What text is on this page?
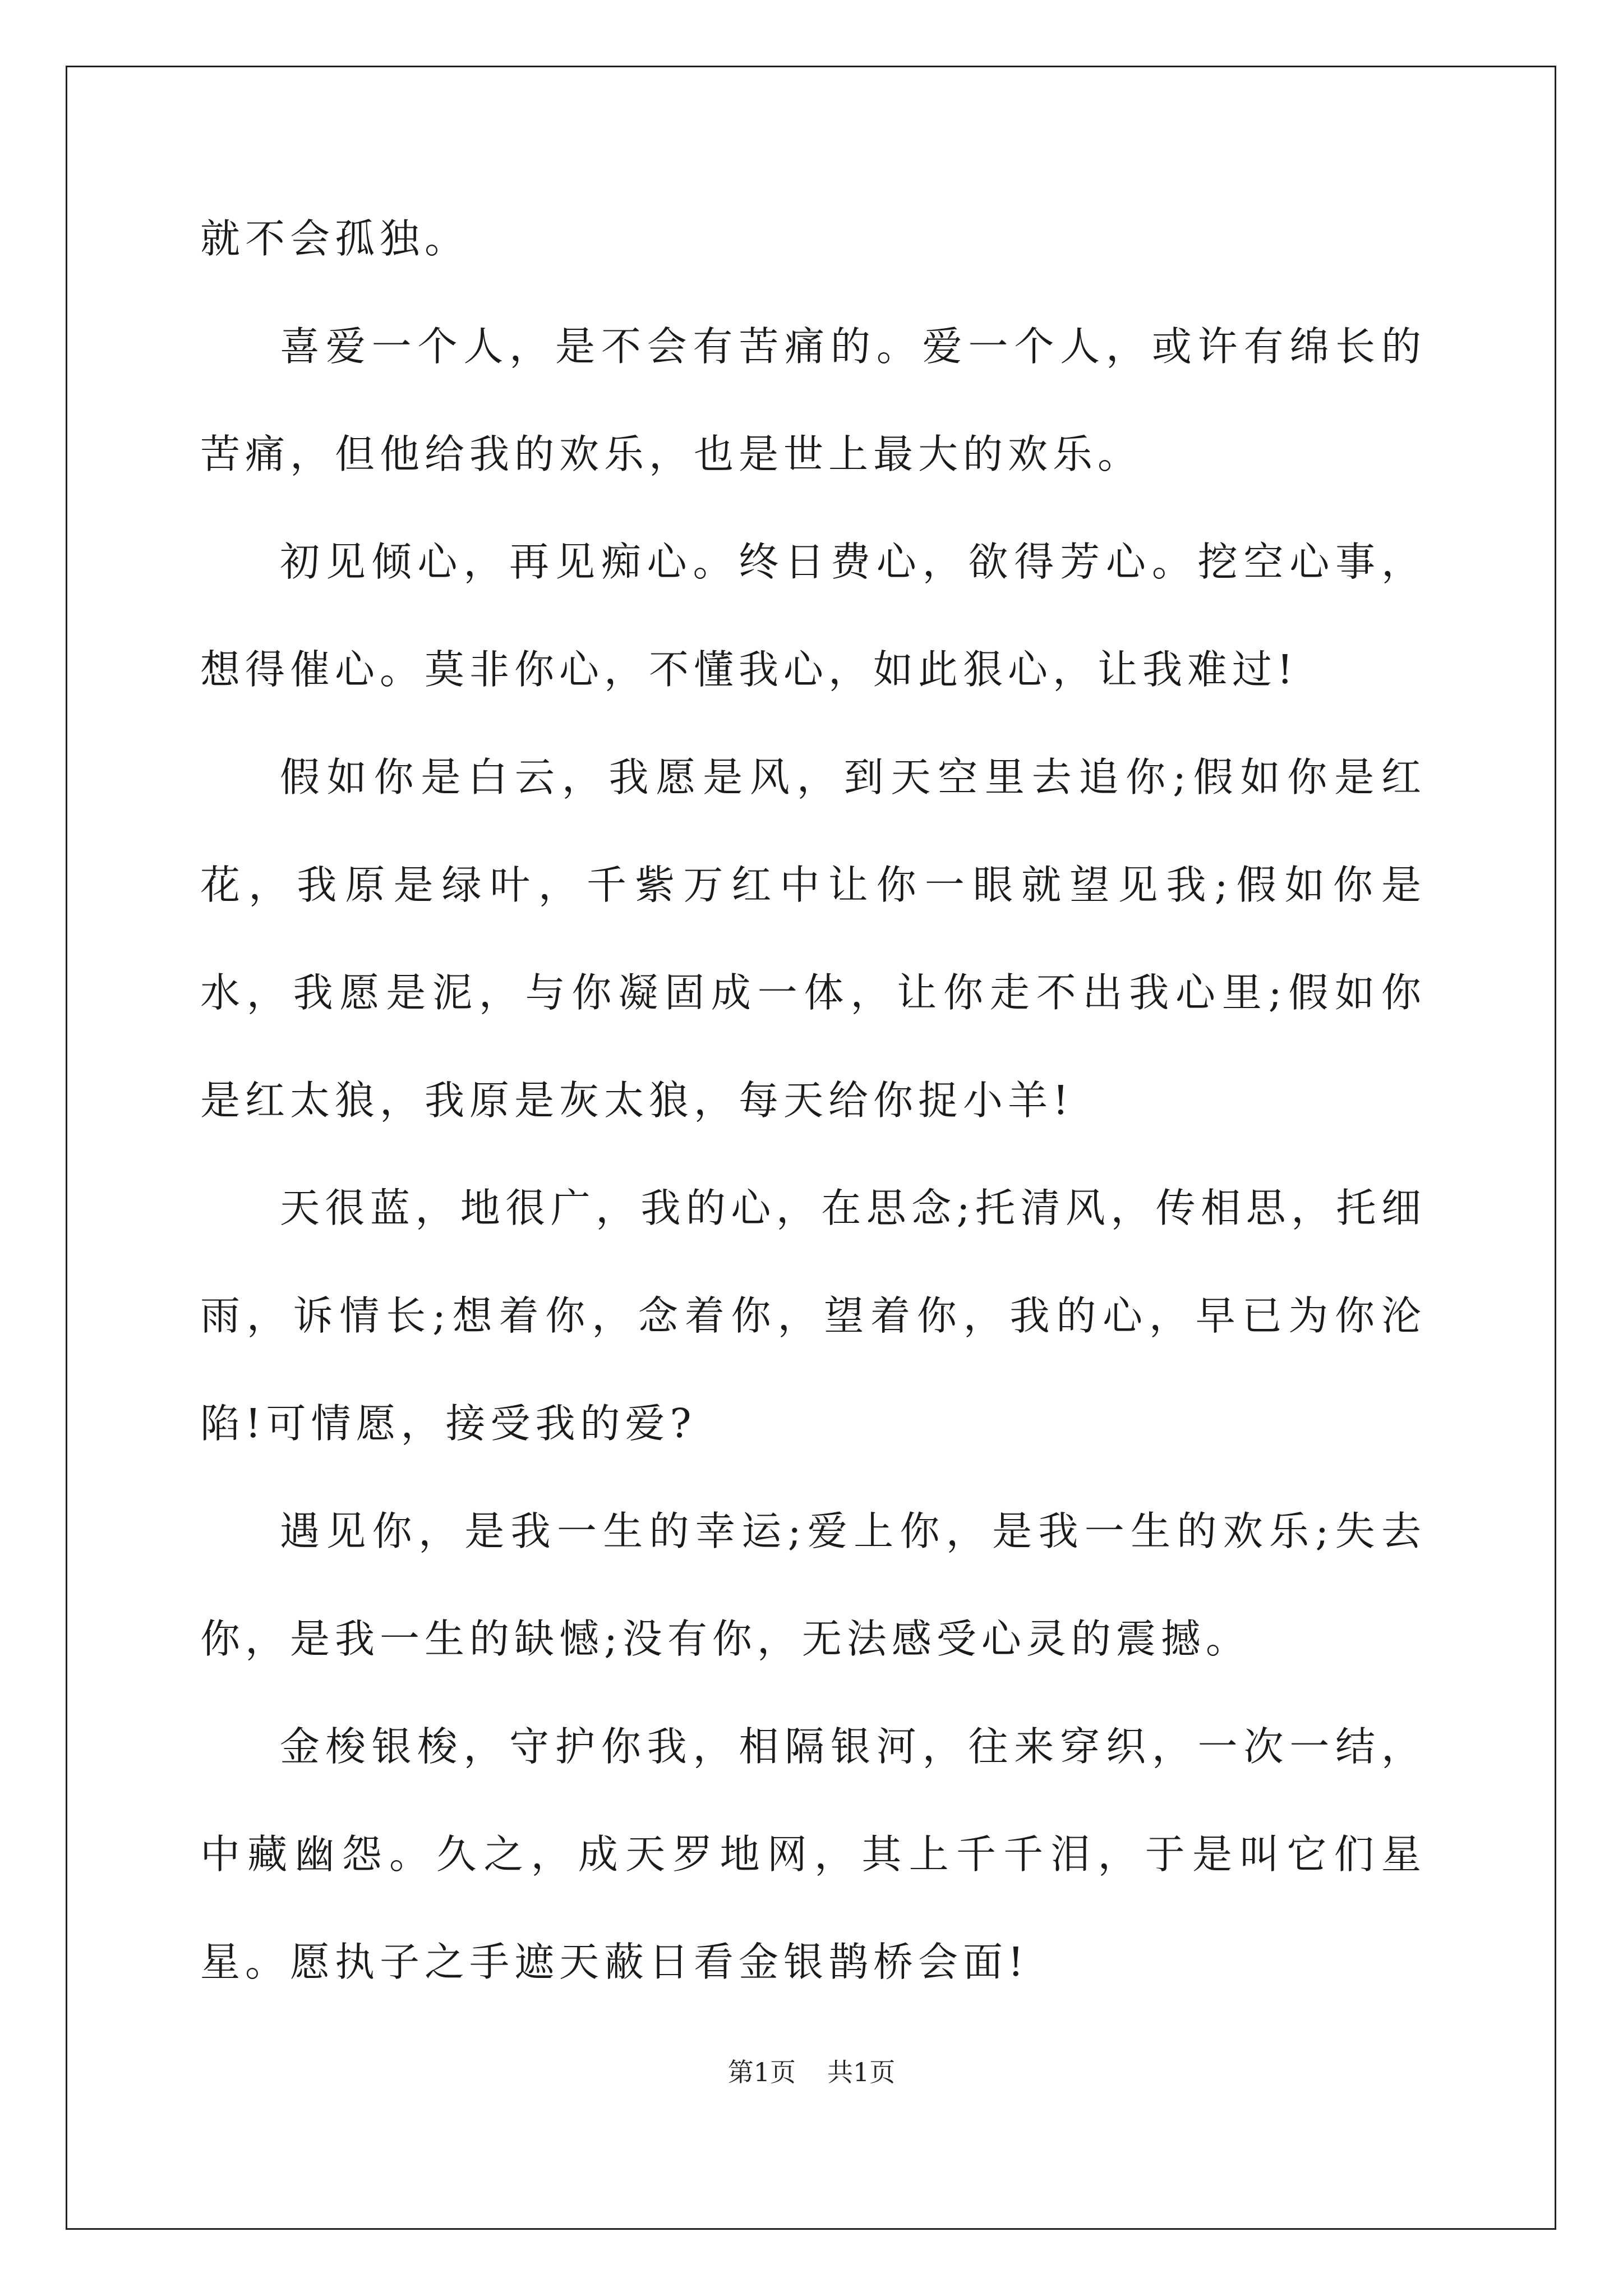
就不会孤独。

喜爱一个人，是不会有苦痛的。爱一个人，或许有绵长的苦痛，但他给我的欢乐，也是世上最大的欢乐。

初见倾心，再见痴心。终日费心，欲得芳心。挖空心事，想得催心。莫非你心，不懂我心，如此狠心，让我难过!

假如你是白云，我愿是风，到天空里去追你;假如你是红花，我原是绿叶，千紫万红中让你一眼就望见我;假如你是水，我愿是泥，与你凝固成一体，让你走不出我心里;假如你是红太狼，我原是灰太狼，每天给你捉小羊!

天很蓝，地很广，我的心，在思念;托清风，传相思，托细雨，诉情长;想着你，念着你，望着你，我的心，早已为你沦陷!可情愿，接受我的爱?

遇见你，是我一生的幸运;爱上你，是我一生的欢乐;失去你，是我一生的缺憾;没有你，无法感受心灵的震撼。

金梭银梭，守护你我，相隔银河，往来穿织，一次一结，中藏幽怨。久之，成天罗地网，其上千千泪，于是叫它们星星。愿执子之手遮天蔽日看金银鹊桥会面!

第1页 共1页
